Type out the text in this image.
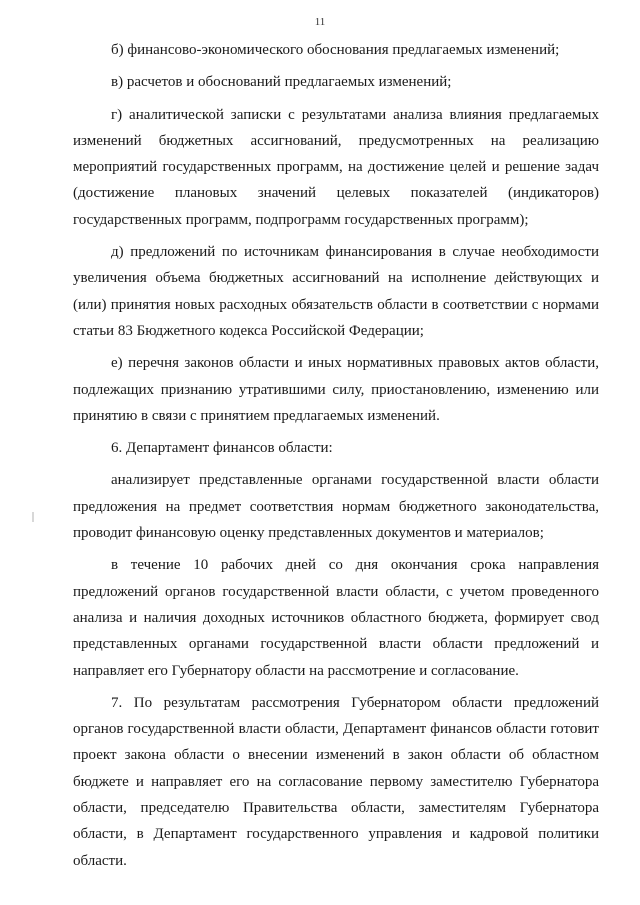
11

б) финансово-экономического обоснования предлагаемых изменений;

в) расчетов и обоснований предлагаемых изменений;

г) аналитической записки с результатами анализа влияния предлагаемых изменений бюджетных ассигнований, предусмотренных на реализацию мероприятий государственных программ, на достижение целей и решение задач (достижение плановых значений целевых показателей (индикаторов) государственных программ, подпрограмм государственных программ);

д) предложений по источникам финансирования в случае необходимости увеличения объема бюджетных ассигнований на исполнение действующих и (или) принятия новых расходных обязательств области в соответствии с нормами статьи 83 Бюджетного кодекса Российской Федерации;

е) перечня законов области и иных нормативных правовых актов области, подлежащих признанию утратившими силу, приостановлению, изменению или принятию в связи с принятием предлагаемых изменений.

6. Департамент финансов области:

анализирует представленные органами государственной власти области предложения на предмет соответствия нормам бюджетного законодательства, проводит финансовую оценку представленных документов и материалов;

в течение 10 рабочих дней со дня окончания срока направления предложений органов государственной власти области, с учетом проведенного анализа и наличия доходных источников областного бюджета, формирует свод представленных органами государственной власти области предложений и направляет его Губернатору области на рассмотрение и согласование.

7. По результатам рассмотрения Губернатором области предложений органов государственной власти области, Департамент финансов области готовит проект закона области о внесении изменений в закон области об областном бюджете и направляет его на согласование первому заместителю Губернатора области, председателю Правительства области, заместителям Губернатора области, в Департамент государственного управления и кадровой политики области.
